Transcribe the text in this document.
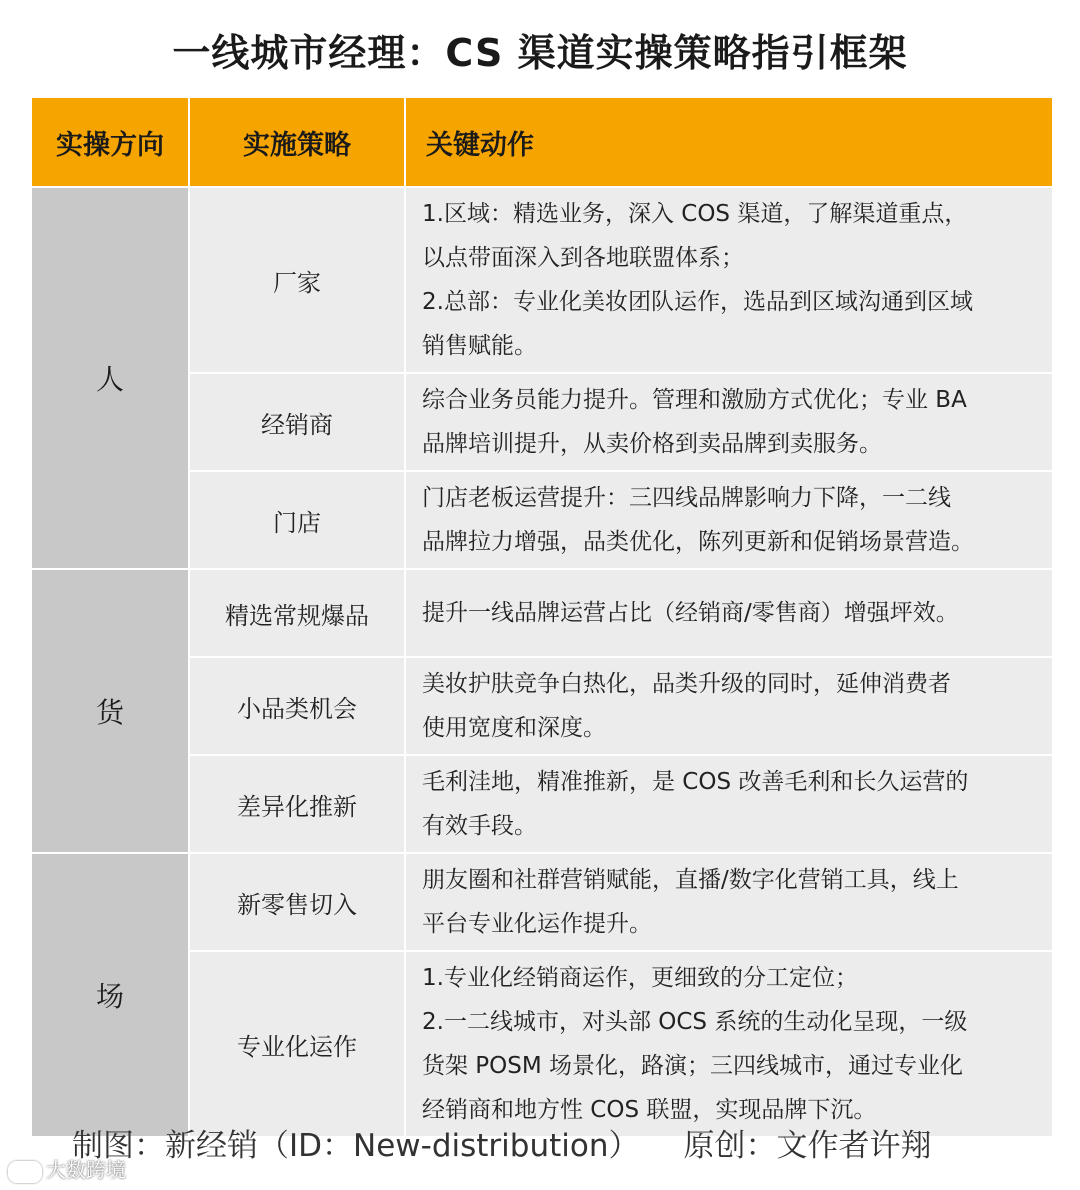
一线城市经理：CS 渠道实操策略指引框架
实操方向	实施策略	关键动作
人	厂家	1.区域：精选业务，深入 COS 渠道，了解渠道重点，
以点带面深入到各地联盟体系；
2.总部：专业化美妆团队运作，选品到区域沟通到区域
销售赋能。

	经销商	综合业务员能力提升。管理和激励方式优化；专业 BA
品牌培训提升，从卖价格到卖品牌到卖服务。

	门店	门店老板运营提升：三四线品牌影响力下降，一二线
品牌拉力增强，品类优化，陈列更新和促销场景营造。

货	精选常规爆品	提升一线品牌运营占比（经销商/零售商）增强坪效。

	小品类机会	美妆护肤竞争白热化，品类升级的同时，延伸消费者
使用宽度和深度。

	差异化推新	毛利洼地，精准推新，是 COS 改善毛利和长久运营的
有效手段。

场	新零售切入	朋友圈和社群营销赋能，直播/数字化营销工具，线上
平台专业化运作提升。

	专业化运作	1.专业化经销商运作，更细致的分工定位；
2.一二线城市，对头部 OCS 系统的生动化呈现，一级
货架 POSM 场景化，路演；三四线城市，通过专业化
经销商和地方性 COS 联盟，实现品牌下沉。
制图：新经销（ID：New-distribution） 原创：文作者许翔
大数跨境
